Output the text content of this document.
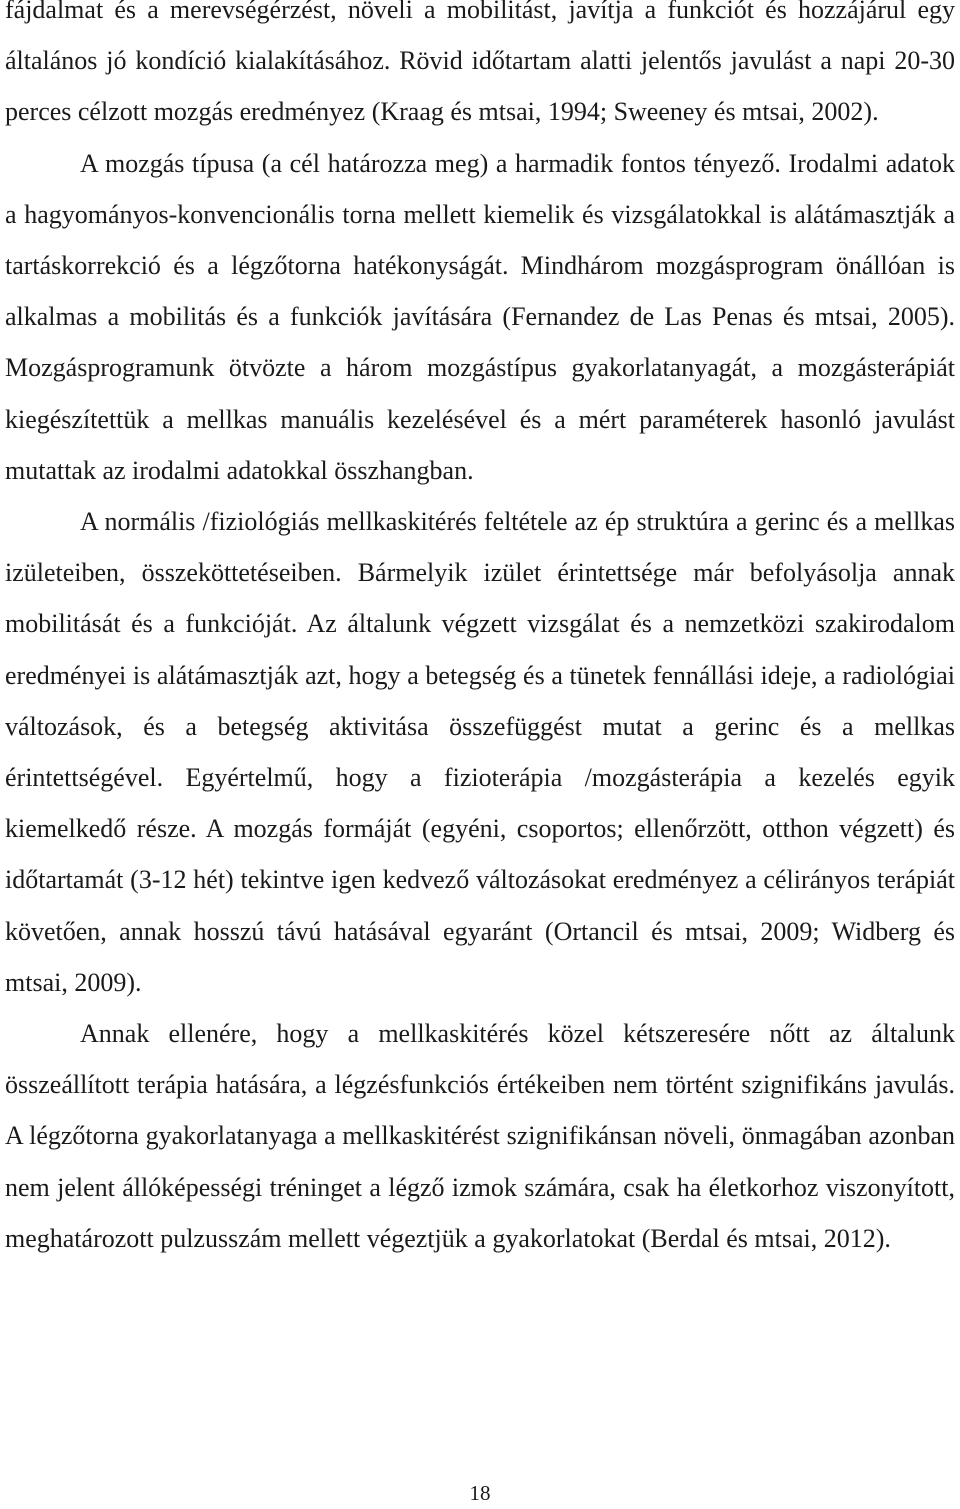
fájdalmat és a merevségérzést, növeli a mobilitást, javítja a funkciót és hozzájárul egy általános jó kondíció kialakításához. Rövid időtartam alatti jelentős javulást a napi 20-30 perces célzott mozgás eredményez (Kraag és mtsai, 1994; Sweeney és mtsai, 2002).

A mozgás típusa (a cél határozza meg) a harmadik fontos tényező. Irodalmi adatok a hagyományos-konvencionális torna mellett kiemelik és vizsgálatokkal is alátámasztják a tartáskorrekció és a légzőtorna hatékonyságát. Mindhárom mozgásprogram önállóan is alkalmas a mobilitás és a funkciók javítására (Fernandez de Las Penas és mtsai, 2005). Mozgásprogramunk ötvözte a három mozgástípus gyakorlatanyagát, a mozgásterápiát kiegészítettük a mellkas manuális kezelésével és a mért paraméterek hasonló javulást mutattak az irodalmi adatokkal összhangban.

A normális /fiziológiás mellkaskitérés feltétele az ép struktúra a gerinc és a mellkas izületeiben, összeköttetéseiben. Bármelyik izület érintettsége már befolyásolja annak mobilitását és a funkcióját. Az általunk végzett vizsgálat és a nemzetközi szakirodalom eredményei is alátámasztják azt, hogy a betegség és a tünetek fennállási ideje, a radiológiai változások, és a betegség aktivitása összefüggést mutat a gerinc és a mellkas érintettségével. Egyértelmű, hogy a fizioterápia /mozgásterápia a kezelés egyik kiemelkedő része. A mozgás formáját (egyéni, csoportos; ellenőrzött, otthon végzett) és időtartamát (3-12 hét) tekintve igen kedvező változásokat eredményez a célirányos terápiát követően, annak hosszú távú hatásával egyaránt (Ortancil és mtsai, 2009; Widberg és mtsai, 2009).

Annak ellenére, hogy a mellkaskitérés közel kétszeresére nőtt az általunk összeállított terápia hatására, a légzésfunkciós értékeiben nem történt szignifikáns javulás. A légzőtorna gyakorlatanyaga a mellkaskitérést szignifikánsan növeli, önmagában azonban nem jelent állóképességi tréninget a légző izmok számára, csak ha életkorhoz viszonyított, meghatározott pulzusszám mellett végeztjük a gyakorlatokat (Berdal és mtsai, 2012).

18
